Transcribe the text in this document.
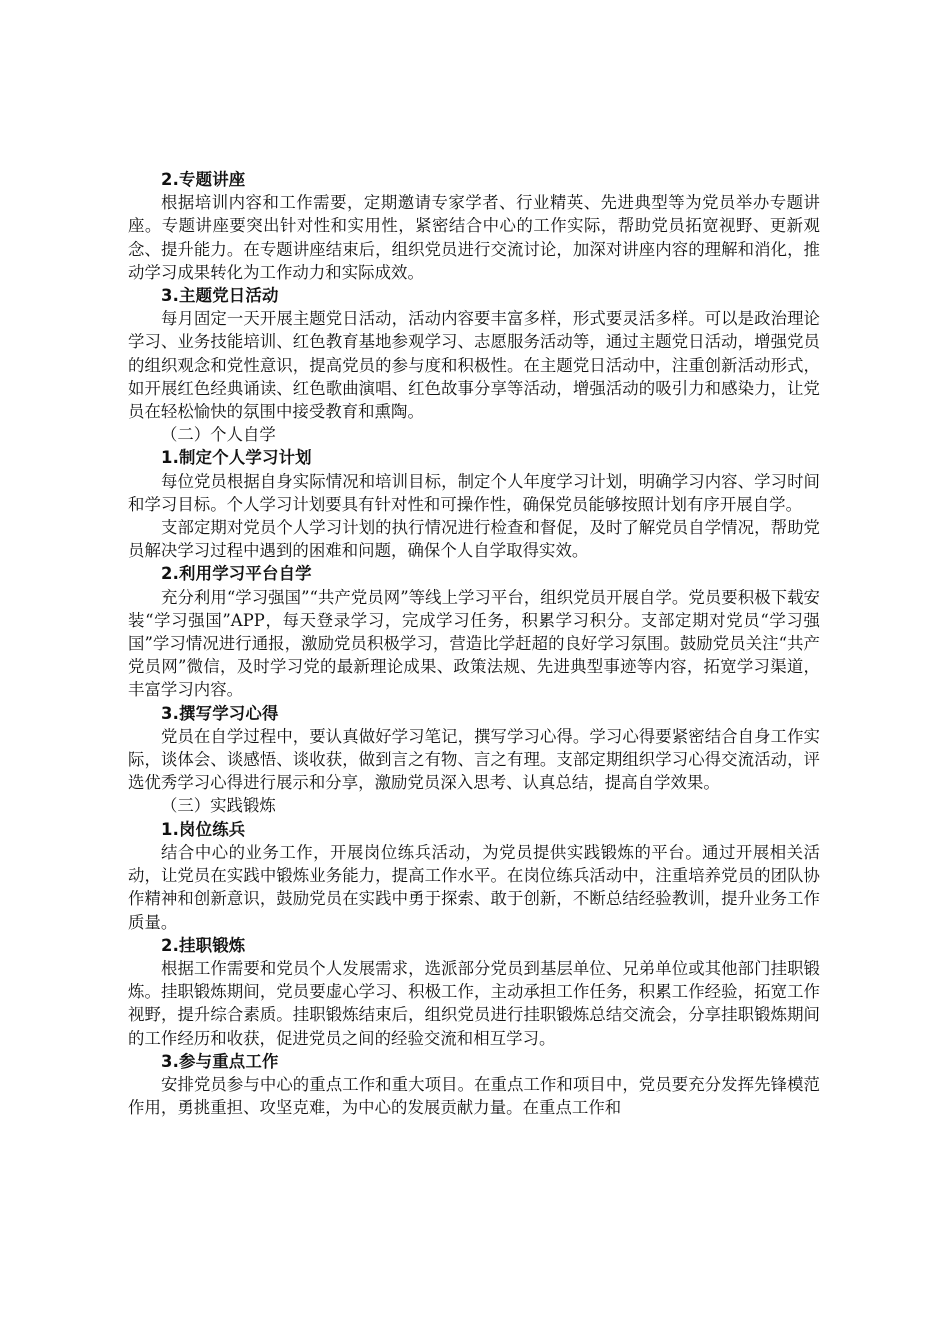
2.专题讲座

根据培训内容和工作需要，定期邀请专家学者、行业精英、先进典型等为党员举办专题讲座。专题讲座要突出针对性和实用性，紧密结合中心的工作实际，帮助党员拓宽视野、更新观念、提升能力。在专题讲座结束后，组织党员进行交流讨论，加深对讲座内容的理解和消化，推动学习成果转化为工作动力和实际成效。

3.主题党日活动

每月固定一天开展主题党日活动，活动内容要丰富多样，形式要灵活多样。可以是政治理论学习、业务技能培训、红色教育基地参观学习、志愿服务活动等，通过主题党日活动，增强党员的组织观念和党性意识，提高党员的参与度和积极性。在主题党日活动中，注重创新活动形式，如开展红色经典诵读、红色歌曲演唱、红色故事分享等活动，增强活动的吸引力和感染力，让党员在轻松愉快的氛围中接受教育和熏陶。

（二）个人自学

1.制定个人学习计划

每位党员根据自身实际情况和培训目标，制定个人年度学习计划，明确学习内容、学习时间和学习目标。个人学习计划要具有针对性和可操作性，确保党员能够按照计划有序开展自学。

支部定期对党员个人学习计划的执行情况进行检查和督促，及时了解党员自学情况，帮助党员解决学习过程中遇到的困难和问题，确保个人自学取得实效。

2.利用学习平台自学

充分利用“学习强国”“共产党员网”等线上学习平台，组织党员开展自学。党员要积极下载安装“学习强国”APP，每天登录学习，完成学习任务，积累学习积分。支部定期对党员“学习强国”学习情况进行通报，激励党员积极学习，营造比学赶超的良好学习氛围。鼓励党员关注“共产党员网”微信，及时学习党的最新理论成果、政策法规、先进典型事迹等内容，拓宽学习渠道，丰富学习内容。

3.撰写学习心得

党员在自学过程中，要认真做好学习笔记，撰写学习心得。学习心得要紧密结合自身工作实际，谈体会、谈感悟、谈收获，做到言之有物、言之有理。支部定期组织学习心得交流活动，评选优秀学习心得进行展示和分享，激励党员深入思考、认真总结，提高自学效果。

（三）实践锻炼

1.岗位练兵

结合中心的业务工作，开展岗位练兵活动，为党员提供实践锻炼的平台。通过开展相关活动，让党员在实践中锻炼业务能力，提高工作水平。在岗位练兵活动中，注重培养党员的团队协作精神和创新意识，鼓励党员在实践中勇于探索、敢于创新，不断总结经验教训，提升业务工作质量。

2.挂职锻炼

根据工作需要和党员个人发展需求，选派部分党员到基层单位、兄弟单位或其他部门挂职锻炼。挂职锻炼期间，党员要虚心学习、积极工作，主动承担工作任务，积累工作经验，拓宽工作视野，提升综合素质。挂职锻炼结束后，组织党员进行挂职锻炼总结交流会，分享挂职锻炼期间的工作经历和收获，促进党员之间的经验交流和相互学习。

3.参与重点工作

安排党员参与中心的重点工作和重大项目。在重点工作和项目中，党员要充分发挥先锋模范作用，勇挑重担、攻坚克难，为中心的发展贡献力量。在重点工作和
